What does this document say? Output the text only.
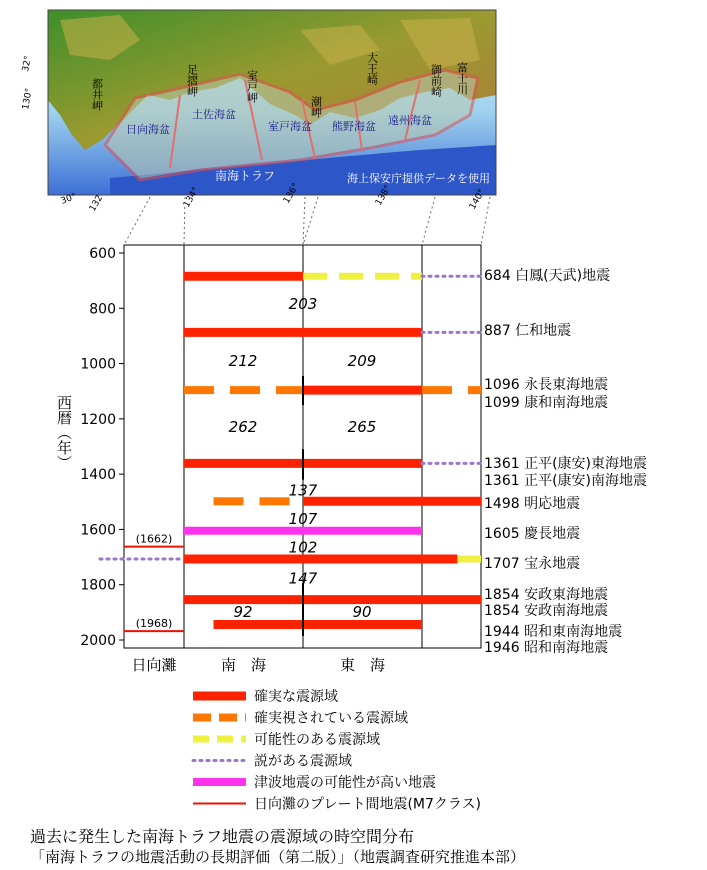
130°
32°
30° 132	134°	136°	138°	140°
都井岬	足摺岬	室戸岬
潮岬
大王崎	御前崎 富士川
日向海盆
土佐海盆
室戸海盆 熊野海盆 遠州海盆
南海トラフ	海上保安庁提供データを使用
600
800
1000
1200
1400
1600
1800
2000
西暦（年）
(1662)
(1968)
203
212	209
262	265
137
107
102
147
92	90
684 白鳳(天武)地震
887 仁和地震
1096 永長東海地震
1099 康和南海地震
1361 正平(康安)東海地震
1361 正平(康安)南海地震
1498 明応地震
1605 慶長地震
1707 宝永地震
1854 安政東海地震
1854 安政南海地震
1944 昭和東南海地震
1946 昭和南海地震
日向灘	南　海	東　海
確実な震源域
確実視されている震源域
可能性のある震源域
説がある震源域
津波地震の可能性が高い地震
日向灘のプレート間地震(M7クラス)
過去に発生した南海トラフ地震の震源域の時空間分布
「南海トラフの地震活動の長期評価（第二版）」（地震調査研究推進本部）
